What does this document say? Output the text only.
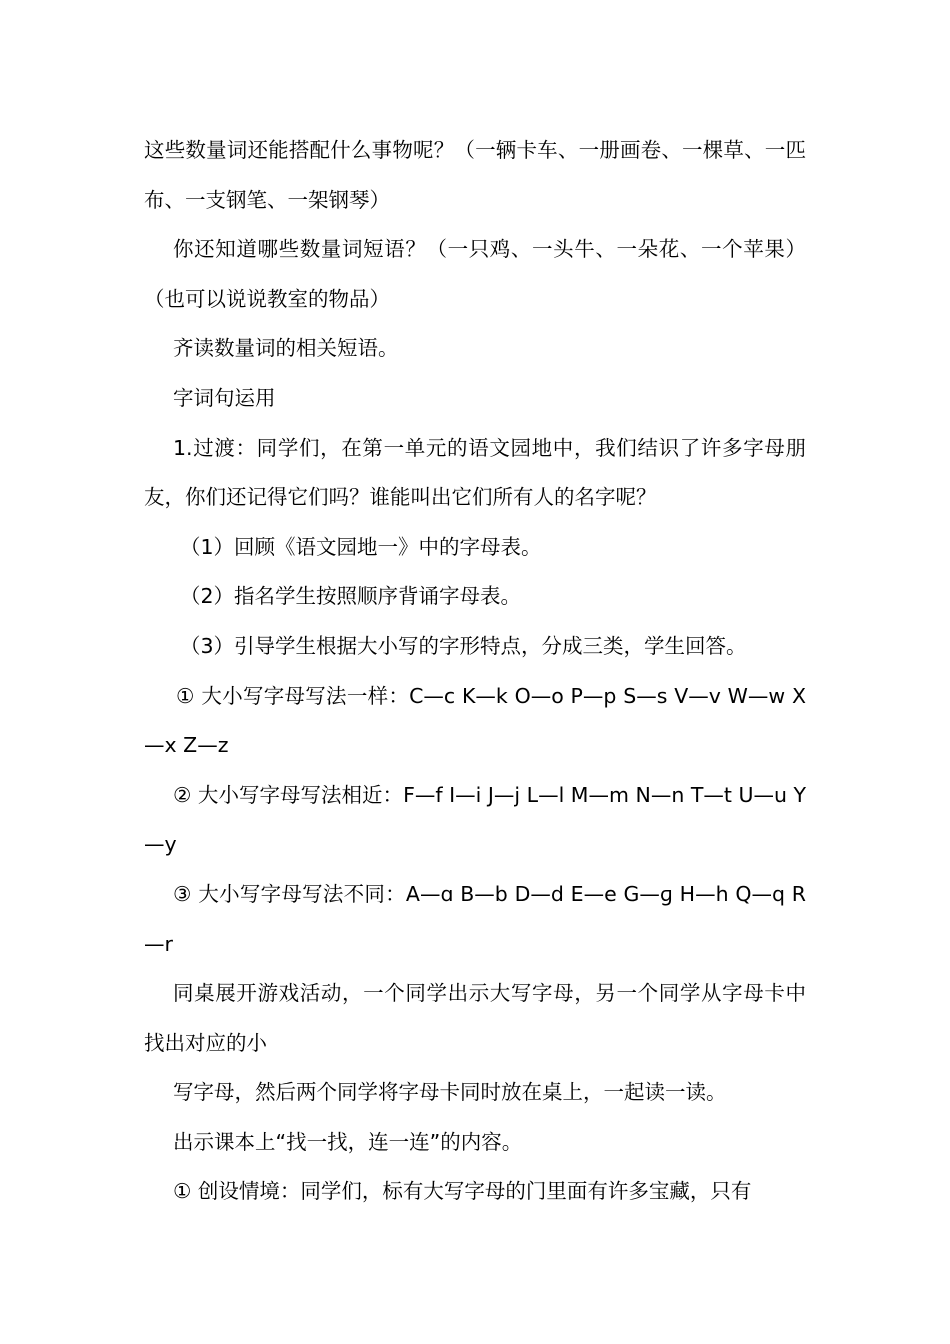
这些数量词还能搭配什么事物呢？（一辆卡车、一册画卷、一棵草、一匹布、一支钢笔、一架钢琴）

你还知道哪些数量词短语？（一只鸡、一头牛、一朵花、一个苹果）（也可以说说教室的物品）

齐读数量词的相关短语。

字词句运用

1.过渡：同学们，在第一单元的语文园地中，我们结识了许多字母朋友，你们还记得它们吗？谁能叫出它们所有人的名字呢？

（1）回顾《语文园地一》中的字母表。

（2）指名学生按照顺序背诵字母表。

（3）引导学生根据大小写的字形特点，分成三类，学生回答。

① 大小写字母写法一样：C—c K—k O—o P—p S—s V—v W—w X—x Z—z

② 大小写字母写法相近：F—f I—i J—j L—l M—m N—n T—t U—u Y—y

③ 大小写字母写法不同：A—ɑ B—b D—d E—e G—ɡ H—h Q—q R—r

同桌展开游戏活动，一个同学出示大写字母，另一个同学从字母卡中找出对应的小

写字母，然后两个同学将字母卡同时放在桌上，一起读一读。

出示课本上“找一找，连一连”的内容。

① 创设情境：同学们，标有大写字母的门里面有许多宝藏，只有
